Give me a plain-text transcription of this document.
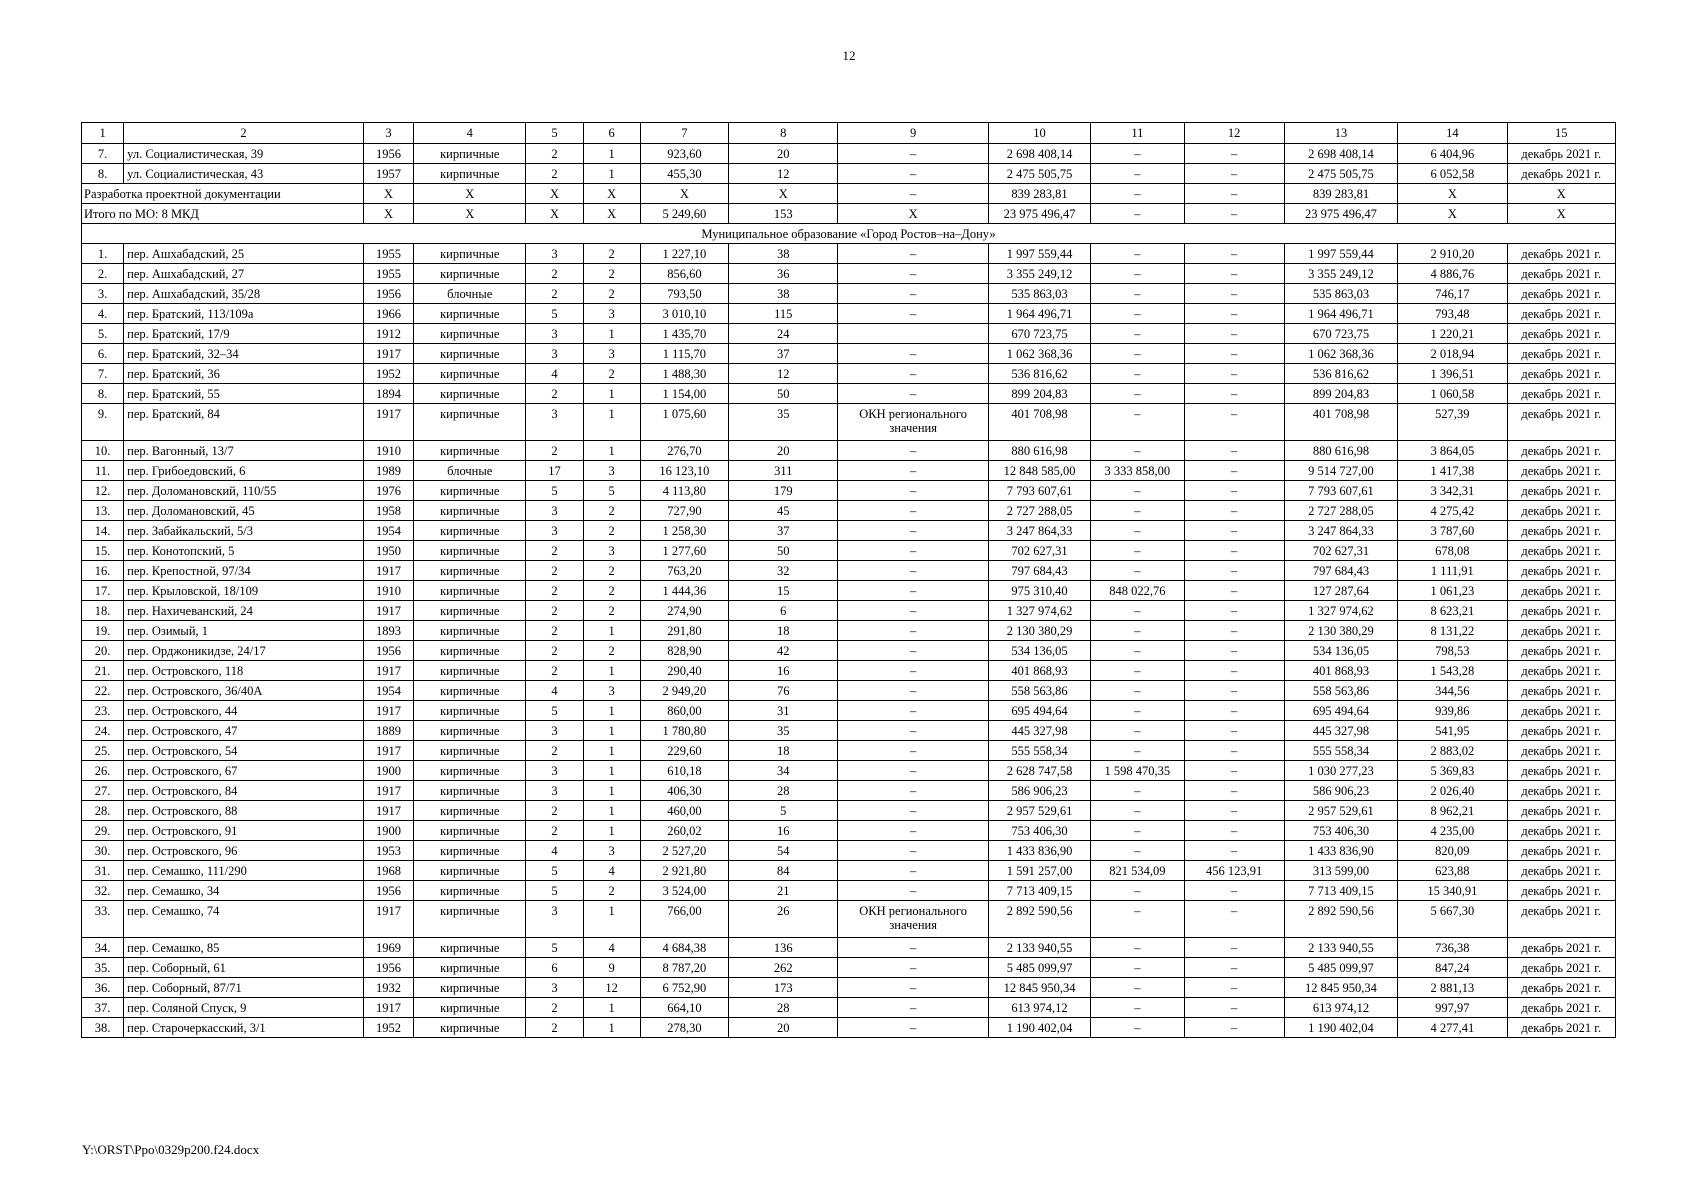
12
1	2	3	4	5	6	7	8	9	10	11	12	13	14	15
7.	ул. Социалистическая, 39	1956	кирпичные	2	1	923,60	20	–	2 698 408,14	–	–	2 698 408,14	6 404,96	декабрь 2021 г.
8.	ул. Социалистическая, 43	1957	кирпичные	2	1	455,30	12	–	2 475 505,75	–	–	2 475 505,75	6 052,58	декабрь 2021 г.
Разработка проектной документации		X	X	X	X	X	X	–	839 283,81	–	–	839 283,81	X	X
Итого по МО: 8 МКД		X	X	X	X	5 249,60	153	X	23 975 496,47	–	–	23 975 496,47	X	X
Муниципальное образование «Город Ростов–на–Дону»														
1.	пер. Ашхабадский, 25	1955	кирпичные	3	2	1 227,10	38	–	1 997 559,44	–	–	1 997 559,44	2 910,20	декабрь 2021 г.
2.	пер. Ашхабадский, 27	1955	кирпичные	2	2	856,60	36	–	3 355 249,12	–	–	3 355 249,12	4 886,76	декабрь 2021 г.
3.	пер. Ашхабадский, 35/28	1956	блочные	2	2	793,50	38	–	535 863,03	–	–	535 863,03	746,17	декабрь 2021 г.
4.	пер. Братский, 113/109а	1966	кирпичные	5	3	3 010,10	115	–	1 964 496,71	–	–	1 964 496,71	793,48	декабрь 2021 г.
5.	пер. Братский, 17/9	1912	кирпичные	3	1	1 435,70	24		670 723,75	–	–	670 723,75	1 220,21	декабрь 2021 г.
6.	пер. Братский, 32–34	1917	кирпичные	3	3	1 115,70	37	–	1 062 368,36	–	–	1 062 368,36	2 018,94	декабрь 2021 г.
7.	пер. Братский, 36	1952	кирпичные	4	2	1 488,30	12	–	536 816,62	–	–	536 816,62	1 396,51	декабрь 2021 г.
8.	пер. Братский, 55	1894	кирпичные	2	1	1 154,00	50	–	899 204,83	–	–	899 204,83	1 060,58	декабрь 2021 г.
9.	пер. Братский, 84	1917	кирпичные	3	1	1 075,60	35	ОКН регионального значения	401 708,98	–	–	401 708,98	527,39	декабрь 2021 г.
10.	пер. Вагонный, 13/7	1910	кирпичные	2	1	276,70	20	–	880 616,98	–	–	880 616,98	3 864,05	декабрь 2021 г.
11.	пер. Грибоедовский, 6	1989	блочные	17	3	16 123,10	311	–	12 848 585,00	3 333 858,00	–	9 514 727,00	1 417,38	декабрь 2021 г.
12.	пер. Доломановский, 110/55	1976	кирпичные	5	5	4 113,80	179	–	7 793 607,61	–	–	7 793 607,61	3 342,31	декабрь 2021 г.
13.	пер. Доломановский, 45	1958	кирпичные	3	2	727,90	45	–	2 727 288,05	–	–	2 727 288,05	4 275,42	декабрь 2021 г.
14.	пер. Забайкальский, 5/3	1954	кирпичные	3	2	1 258,30	37	–	3 247 864,33	–	–	3 247 864,33	3 787,60	декабрь 2021 г.
15.	пер. Конотопский, 5	1950	кирпичные	2	3	1 277,60	50	–	702 627,31	–	–	702 627,31	678,08	декабрь 2021 г.
16.	пер. Крепостной, 97/34	1917	кирпичные	2	2	763,20	32	–	797 684,43	–	–	797 684,43	1 111,91	декабрь 2021 г.
17.	пер. Крыловской, 18/109	1910	кирпичные	2	2	1 444,36	15	–	975 310,40	848 022,76	–	127 287,64	1 061,23	декабрь 2021 г.
18.	пер. Нахичеванский, 24	1917	кирпичные	2	2	274,90	6	–	1 327 974,62	–	–	1 327 974,62	8 623,21	декабрь 2021 г.
19.	пер. Озимый, 1	1893	кирпичные	2	1	291,80	18	–	2 130 380,29	–	–	2 130 380,29	8 131,22	декабрь 2021 г.
20.	пер. Орджоникидзе, 24/17	1956	кирпичные	2	2	828,90	42	–	534 136,05	–	–	534 136,05	798,53	декабрь 2021 г.
21.	пер. Островского, 118	1917	кирпичные	2	1	290,40	16	–	401 868,93	–	–	401 868,93	1 543,28	декабрь 2021 г.
22.	пер. Островского, 36/40А	1954	кирпичные	4	3	2 949,20	76	–	558 563,86	–	–	558 563,86	344,56	декабрь 2021 г.
23.	пер. Островского, 44	1917	кирпичные	5	1	860,00	31	–	695 494,64	–	–	695 494,64	939,86	декабрь 2021 г.
24.	пер. Островского, 47	1889	кирпичные	3	1	1 780,80	35	–	445 327,98	–	–	445 327,98	541,95	декабрь 2021 г.
25.	пер. Островского, 54	1917	кирпичные	2	1	229,60	18	–	555 558,34	–	–	555 558,34	2 883,02	декабрь 2021 г.
26.	пер. Островского, 67	1900	кирпичные	3	1	610,18	34	–	2 628 747,58	1 598 470,35	–	1 030 277,23	5 369,83	декабрь 2021 г.
27.	пер. Островского, 84	1917	кирпичные	3	1	406,30	28	–	586 906,23	–	–	586 906,23	2 026,40	декабрь 2021 г.
28.	пер. Островского, 88	1917	кирпичные	2	1	460,00	5	–	2 957 529,61	–	–	2 957 529,61	8 962,21	декабрь 2021 г.
29.	пер. Островского, 91	1900	кирпичные	2	1	260,02	16	–	753 406,30	–	–	753 406,30	4 235,00	декабрь 2021 г.
30.	пер. Островского, 96	1953	кирпичные	4	3	2 527,20	54	–	1 433 836,90	–	–	1 433 836,90	820,09	декабрь 2021 г.
31.	пер. Семашко, 111/290	1968	кирпичные	5	4	2 921,80	84	–	1 591 257,00	821 534,09	456 123,91	313 599,00	623,88	декабрь 2021 г.
32.	пер. Семашко, 34	1956	кирпичные	5	2	3 524,00	21	–	7 713 409,15	–	–	7 713 409,15	15 340,91	декабрь 2021 г.
33.	пер. Семашко, 74	1917	кирпичные	3	1	766,00	26	ОКН регионального значения	2 892 590,56	–	–	2 892 590,56	5 667,30	декабрь 2021 г.
34.	пер. Семашко, 85	1969	кирпичные	5	4	4 684,38	136	–	2 133 940,55	–	–	2 133 940,55	736,38	декабрь 2021 г.
35.	пер. Соборный, 61	1956	кирпичные	6	9	8 787,20	262	–	5 485 099,97	–	–	5 485 099,97	847,24	декабрь 2021 г.
36.	пер. Соборный, 87/71	1932	кирпичные	3	12	6 752,90	173	–	12 845 950,34	–	–	12 845 950,34	2 881,13	декабрь 2021 г.
37.	пер. Соляной Спуск, 9	1917	кирпичные	2	1	664,10	28	–	613 974,12	–	–	613 974,12	997,97	декабрь 2021 г.
38.	пер. Старочеркасский, 3/1	1952	кирпичные	2	1	278,30	20	–	1 190 402,04	–	–	1 190 402,04	4 277,41	декабрь 2021 г.
Y:\ORST\Ppo\0329p200.f24.docx
